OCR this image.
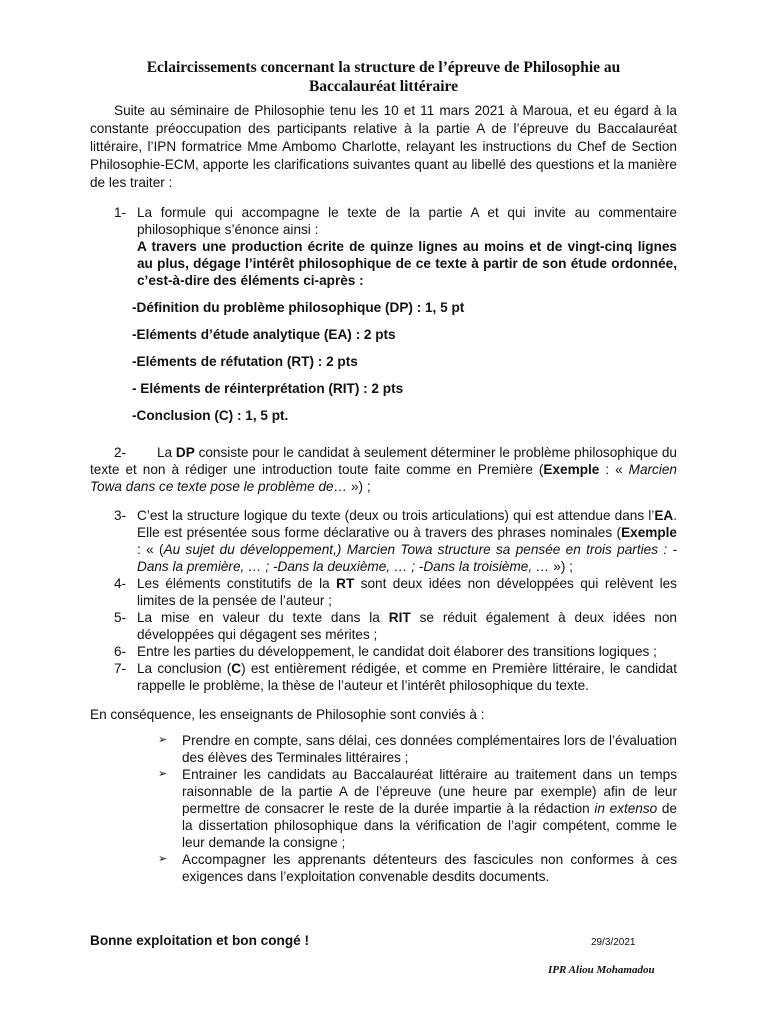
Eclaircissements concernant la structure de l’épreuve de Philosophie au
Baccalauréat littéraire

Suite au séminaire de Philosophie tenu les 10 et 11 mars 2021 à Maroua, et eu égard à la constante préoccupation des participants relative à la partie A de l’épreuve du Baccalauréat littéraire, l’IPN formatrice Mme Ambomo Charlotte, relayant les instructions du Chef de Section Philosophie-ECM, apporte les clarifications suivantes quant au libellé des questions et la manière de les traiter :

1- La formule qui accompagne le texte de la partie A et qui invite au commentaire philosophique s’énonce ainsi :
A travers une production écrite de quinze lignes au moins et de vingt-cinq lignes au plus, dégage l’intérêt philosophique de ce texte à partir de son étude ordonnée, c’est-à-dire des éléments ci-après :
-Définition du problème philosophique (DP) : 1, 5 pt
-Eléments d’étude analytique (EA) : 2 pts
-Eléments de réfutation (RT) : 2 pts
- Eléments de réinterprétation (RIT) : 2 pts
-Conclusion (C) : 1, 5 pt.

2- La DP consiste pour le candidat à seulement déterminer le problème philosophique du texte et non à rédiger une introduction toute faite comme en Première (Exemple : « Marcien Towa dans ce texte pose le problème de… ») ;

3- C’est la structure logique du texte (deux ou trois articulations) qui est attendue dans l’EA. Elle est présentée sous forme déclarative ou à travers des phrases nominales (Exemple : « (Au sujet du développement,) Marcien Towa structure sa pensée en trois parties : -Dans la première, … ; -Dans la deuxième, … ; -Dans la troisième, … ») ;
4- Les éléments constitutifs de la RT sont deux idées non développées qui relèvent les limites de la pensée de l’auteur ;
5- La mise en valeur du texte dans la RIT se réduit également à deux idées non développées qui dégagent ses mérites ;
6- Entre les parties du développement, le candidat doit élaborer des transitions logiques ;
7- La conclusion (C) est entièrement rédigée, et comme en Première littéraire, le candidat rappelle le problème, la thèse de l’auteur et l’intérêt philosophique du texte.

En conséquence, les enseignants de Philosophie sont conviés à :

➢ Prendre en compte, sans délai, ces données complémentaires lors de l’évaluation des élèves des Terminales littéraires ;
➢ Entrainer les candidats au Baccalauréat littéraire au traitement dans un temps raisonnable de la partie A de l’épreuve (une heure par exemple) afin de leur permettre de consacrer le reste de la durée impartie à la rédaction in extenso de la dissertation philosophique dans la vérification de l’agir compétent, comme le leur demande la consigne ;
➢ Accompagner les apprenants détenteurs des fascicules non conformes à ces exigences dans l’exploitation convenable desdits documents.
Bonne exploitation et bon congé !	29/3/2021
IPR Aliou Mohamadou
